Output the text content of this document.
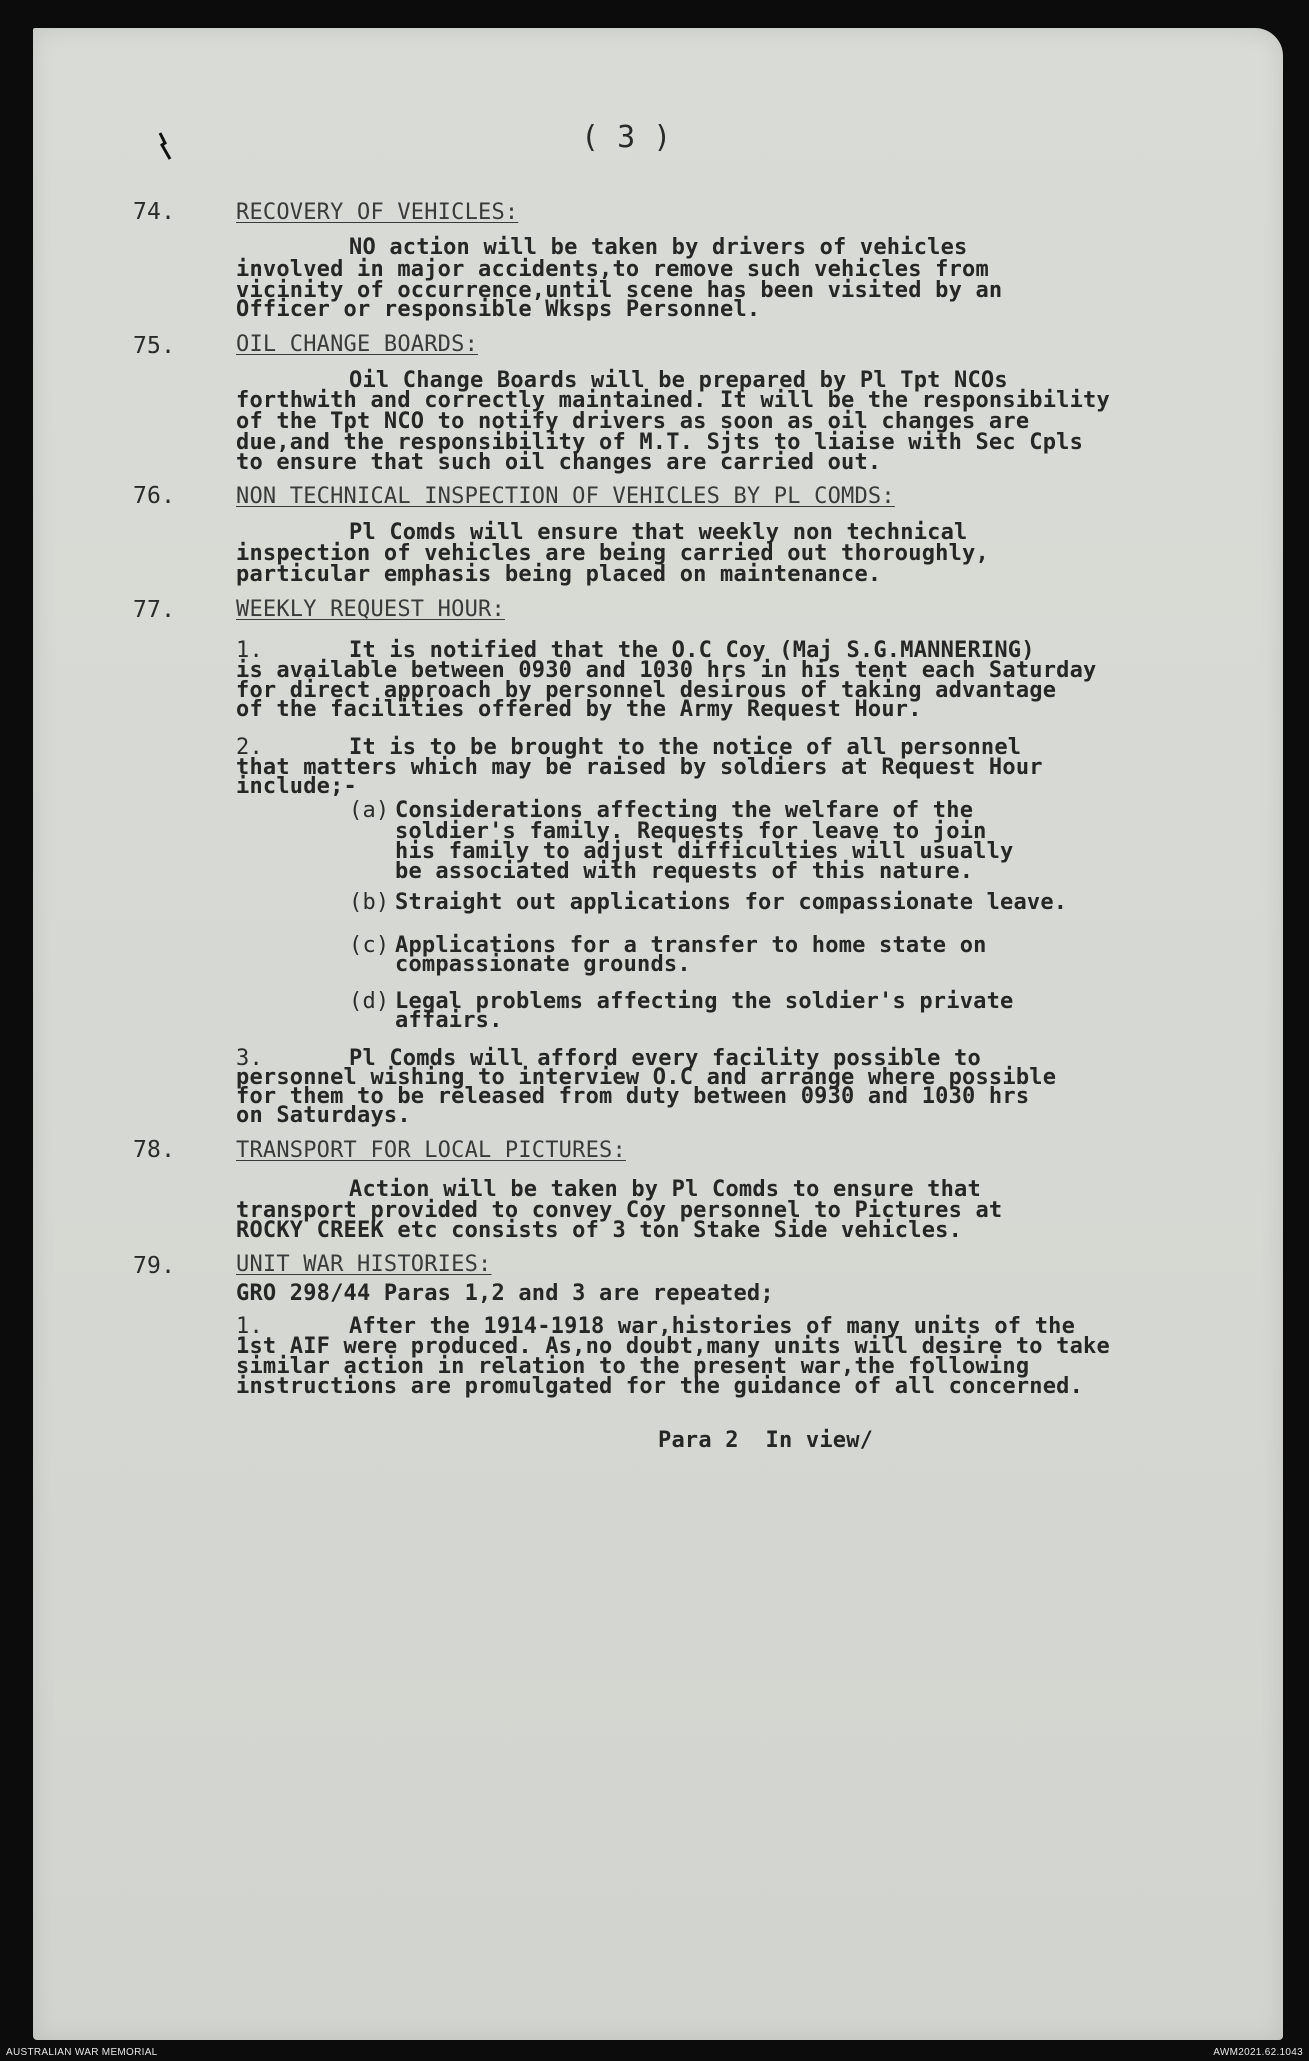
( 3 )
74.	RECOVERY OF VEHICLES:
NO action will be taken by drivers of vehicles
involved in major accidents,to remove such vehicles from
vicinity of occurrence,until scene has been visited by an
Officer or responsible Wksps Personnel.
75.	OIL CHANGE BOARDS:
Oil Change Boards will be prepared by Pl Tpt NCOs
forthwith and correctly maintained. It will be the responsibility
of the Tpt NCO to notify drivers as soon as oil changes are
due,and the responsibility of M.T. Sjts to liaise with Sec Cpls
to ensure that such oil changes are carried out.
76.	NON TECHNICAL INSPECTION OF VEHICLES BY PL COMDS:
Pl Comds will ensure that weekly non technical
inspection of vehicles are being carried out thoroughly,
particular emphasis being placed on maintenance.
77.	WEEKLY REQUEST HOUR:
1.	It is notified that the O.C Coy (Maj S.G.MANNERING)
is available between 0930 and 1030 hrs in his tent each Saturday
for direct approach by personnel desirous of taking advantage
of the facilities offered by the Army Request Hour.
2.	It is to be brought to the notice of all personnel
that matters which may be raised by soldiers at Request Hour
include;-
(a) Considerations affecting the welfare of the
soldier's family. Requests for leave to join
his family to adjust difficulties will usually
be associated with requests of this nature.
(b) Straight out applications for compassionate leave.
(c) Applications for a transfer to home state on
compassionate grounds.
(d) Legal problems affecting the soldier's private
affairs.
3.	Pl Comds will afford every facility possible to
personnel wishing to interview O.C and arrange where possible
for them to be released from duty between 0930 and 1030 hrs
on Saturdays.
78.	TRANSPORT FOR LOCAL PICTURES:
Action will be taken by Pl Comds to ensure that
transport provided to convey Coy personnel to Pictures at
ROCKY CREEK etc consists of 3 ton Stake Side vehicles.
79.	UNIT WAR HISTORIES:
GRO 298/44 Paras 1,2 and 3 are repeated;
1.	After the 1914-1918 war,histories of many units of the
1st AIF were produced. As,no doubt,many units will desire to take
similar action in relation to the present war,the following
instructions are promulgated for the guidance of all concerned.
Para 2  In view/
AUSTRALIAN WAR MEMORIAL	AWM2021.62.1043
